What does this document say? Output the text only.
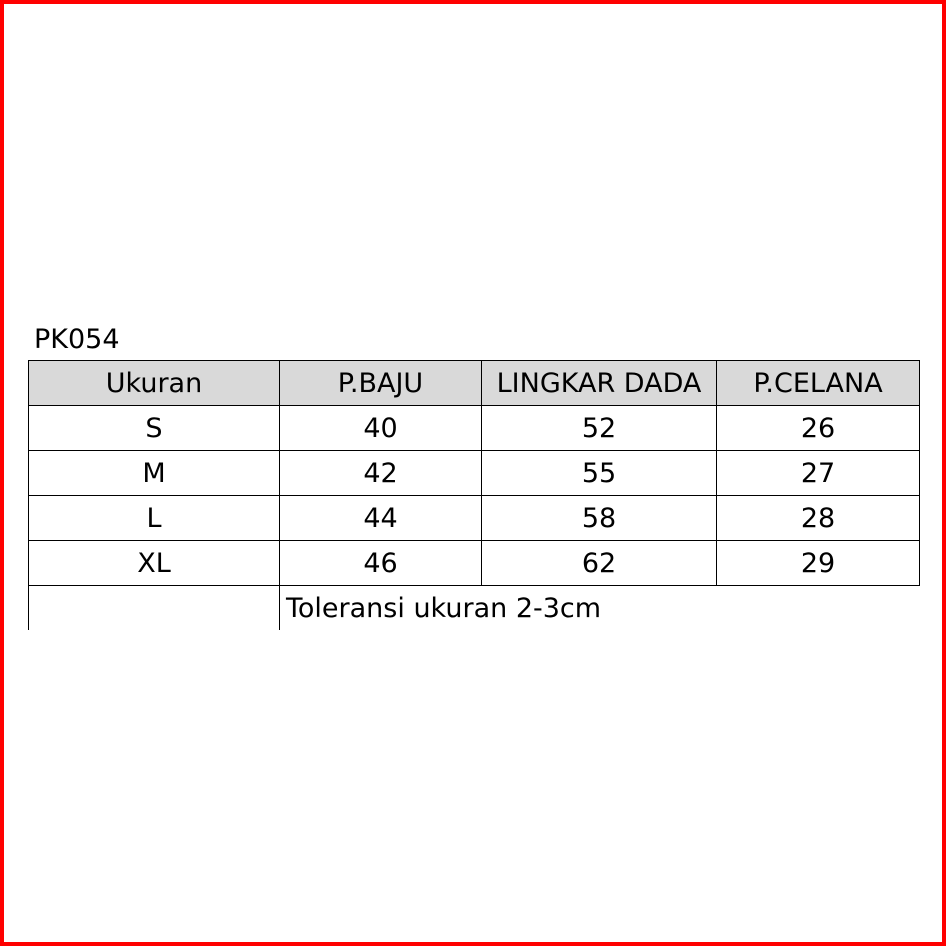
PK054
Ukuran	P.BAJU	LINGKAR DADA	P.CELANA
S	40	52	26
M	42	55	27
L	44	58	28
XL	46	62	29
	Toleransi ukuran 2-3cm		
